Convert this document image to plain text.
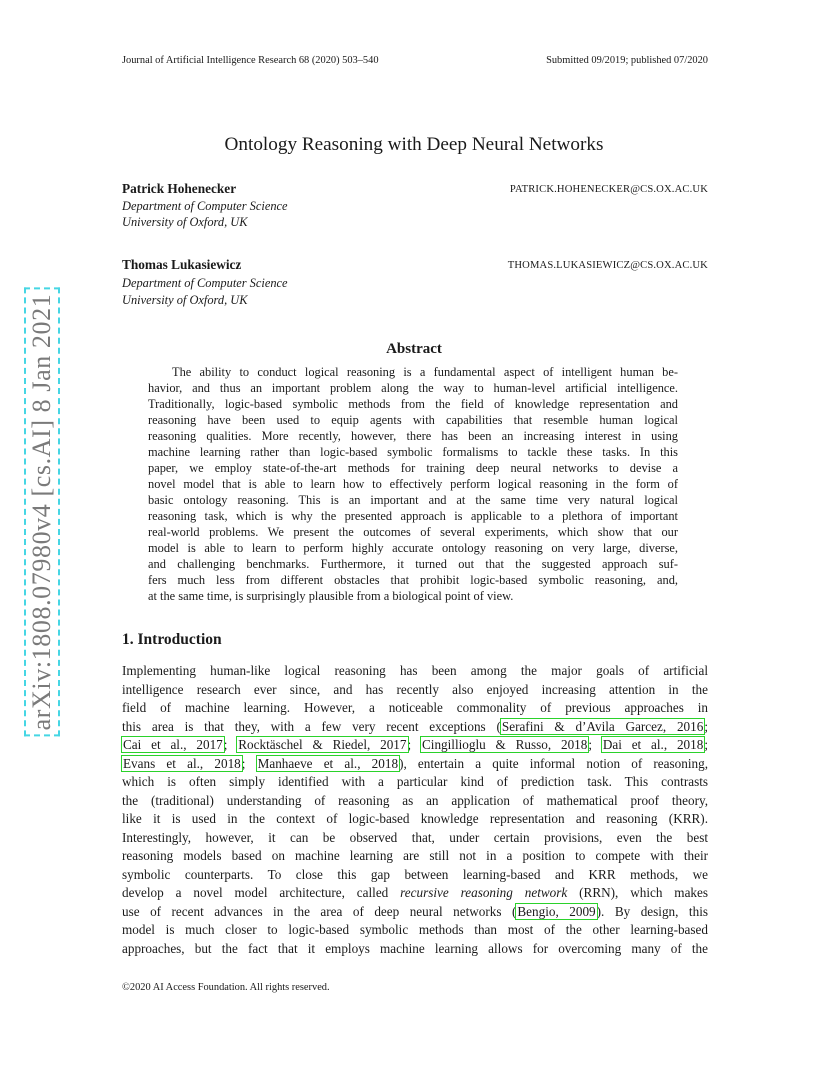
Journal of Artificial Intelligence Research 68 (2020) 503–540	Submitted 09/2019; published 07/2020
Ontology Reasoning with Deep Neural Networks
Patrick Hohenecker	PATRICK.HOHENECKER@CS.OX.AC.UK
Department of Computer Science
University of Oxford, UK
Thomas Lukasiewicz	THOMAS.LUKASIEWICZ@CS.OX.AC.UK
Department of Computer Science
University of Oxford, UK
Abstract
The ability to conduct logical reasoning is a fundamental aspect of intelligent human be-
havior, and thus an important problem along the way to human-level artificial intelligence.
Traditionally, logic-based symbolic methods from the field of knowledge representation and
reasoning have been used to equip agents with capabilities that resemble human logical
reasoning qualities. More recently, however, there has been an increasing interest in using
machine learning rather than logic-based symbolic formalisms to tackle these tasks. In this
paper, we employ state-of-the-art methods for training deep neural networks to devise a
novel model that is able to learn how to effectively perform logical reasoning in the form of
basic ontology reasoning. This is an important and at the same time very natural logical
reasoning task, which is why the presented approach is applicable to a plethora of important
real-world problems. We present the outcomes of several experiments, which show that our
model is able to learn to perform highly accurate ontology reasoning on very large, diverse,
and challenging benchmarks. Furthermore, it turned out that the suggested approach suf-
fers much less from different obstacles that prohibit logic-based symbolic reasoning, and,
at the same time, is surprisingly plausible from a biological point of view.
1. Introduction
Implementing human-like logical reasoning has been among the major goals of artificial
intelligence research ever since, and has recently also enjoyed increasing attention in the
field of machine learning. However, a noticeable commonality of previous approaches in
this area is that they, with a few very recent exceptions (Serafini & d’Avila Garcez, 2016;
Cai et al., 2017; Rocktäschel & Riedel, 2017; Cingillioglu & Russo, 2018; Dai et al., 2018;
Evans et al., 2018; Manhaeve et al., 2018), entertain a quite informal notion of reasoning,
which is often simply identified with a particular kind of prediction task. This contrasts
the (traditional) understanding of reasoning as an application of mathematical proof theory,
like it is used in the context of logic-based knowledge representation and reasoning (KRR).
Interestingly, however, it can be observed that, under certain provisions, even the best
reasoning models based on machine learning are still not in a position to compete with their
symbolic counterparts. To close this gap between learning-based and KRR methods, we
develop a novel model architecture, called recursive reasoning network (RRN), which makes
use of recent advances in the area of deep neural networks (Bengio, 2009). By design, this
model is much closer to logic-based symbolic methods than most of the other learning-based
approaches, but the fact that it employs machine learning allows for overcoming many of the
©2020 AI Access Foundation. All rights reserved.
arXiv:1808.07980v4 [cs.AI] 8 Jan 2021
